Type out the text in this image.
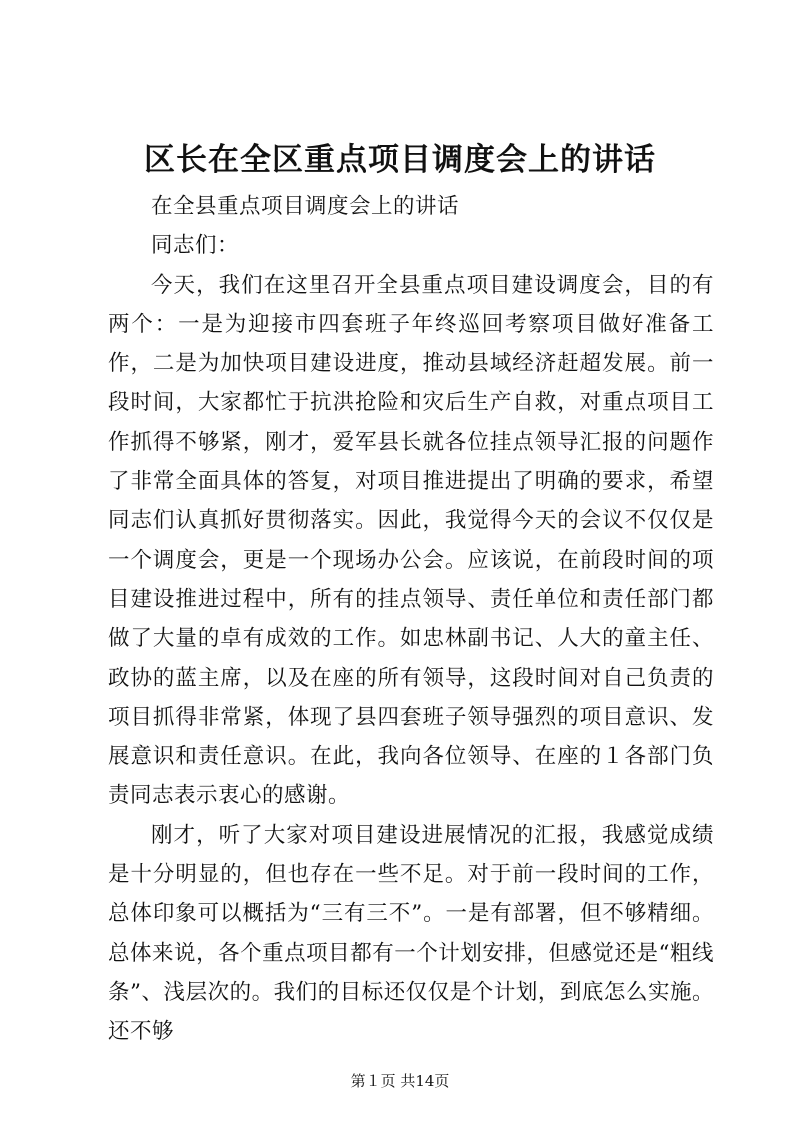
区长在全区重点项目调度会上的讲话

在全县重点项目调度会上的讲话

同志们：

今天，我们在这里召开全县重点项目建设调度会，目的有两个：一是为迎接市四套班子年终巡回考察项目做好准备工作，二是为加快项目建设进度，推动县域经济赶超发展。前一段时间，大家都忙于抗洪抢险和灾后生产自救，对重点项目工作抓得不够紧，刚才，爱军县长就各位挂点领导汇报的问题作了非常全面具体的答复，对项目推进提出了明确的要求，希望同志们认真抓好贯彻落实。因此，我觉得今天的会议不仅仅是一个调度会，更是一个现场办公会。应该说，在前段时间的项目建设推进过程中，所有的挂点领导、责任单位和责任部门都做了大量的卓有成效的工作。如忠林副书记、人大的童主任、政协的蓝主席，以及在座的所有领导，这段时间对自己负责的项目抓得非常紧，体现了县四套班子领导强烈的项目意识、发展意识和责任意识。在此，我向各位领导、在座的１各部门负责同志表示衷心的感谢。

刚才，听了大家对项目建设进展情况的汇报，我感觉成绩是十分明显的，但也存在一些不足。对于前一段时间的工作，总体印象可以概括为“三有三不”。一是有部署，但不够精细。总体来说，各个重点项目都有一个计划安排，但感觉还是“粗线条”、浅层次的。我们的目标还仅仅是个计划，到底怎么实施。还不够

第１页 共14页
